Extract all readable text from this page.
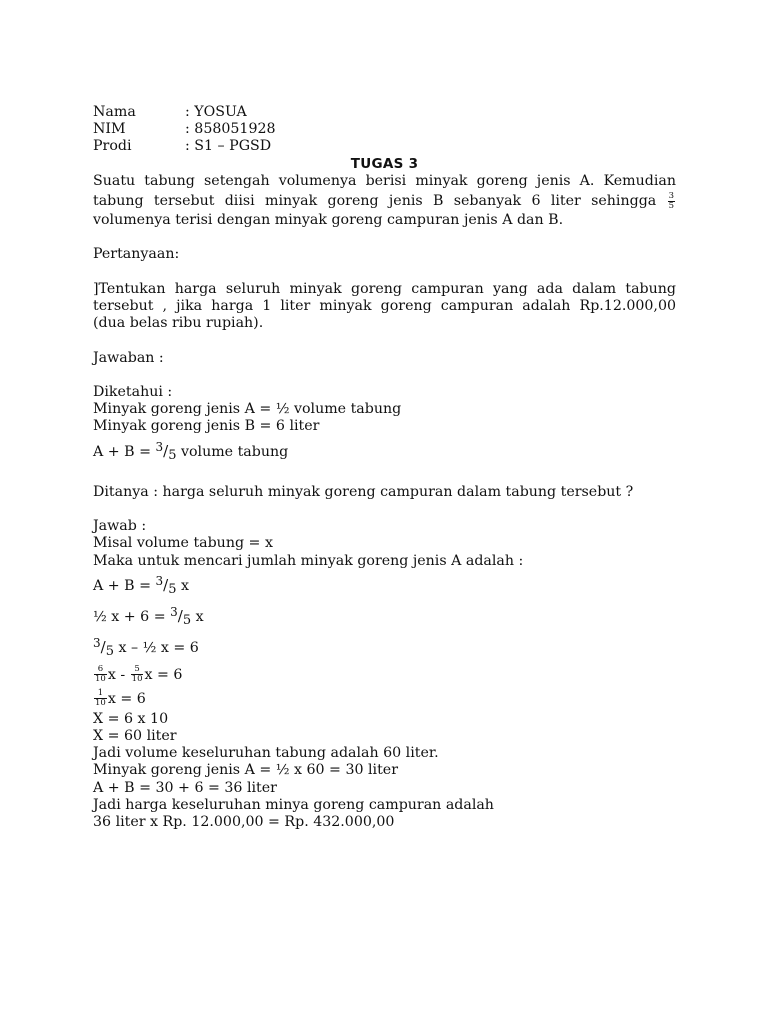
Nama	: YOSUA
NIM	: 858051928
Prodi	: S1 – PGSD
TUGAS 3
Suatu tabung setengah volumenya berisi minyak goreng jenis A. Kemudian
tabung tersebut diisi minyak goreng jenis B sebanyak 6 liter sehingga $\frac{3}{5}$
volumenya terisi dengan minyak goreng campuran jenis A dan B.
Pertanyaan:
]Tentukan harga seluruh minyak goreng campuran yang ada dalam tabung
tersebut , jika harga 1 liter minyak goreng campuran adalah Rp.12.000,00
(dua belas ribu rupiah).
Jawaban :
Diketahui :
Minyak goreng jenis A = ½ volume tabung
Minyak goreng jenis B = 6 liter
$A + B = ^3/_5$ volume tabung
Ditanya : harga seluruh minyak goreng campuran dalam tabung tersebut ?
Jawab :
Misal volume tabung = x
Maka untuk mencari jumlah minyak goreng jenis A adalah :
$A + B = ^3/_5$ x
½ $x + 6 = ^3/_5$ x
$^3/_5$ x – ½ x = 6
$\frac{6}{10}$ x - $\frac{5}{10}$ x = 6
$\frac{1}{10}$ x = 6
X = 6 x 10
X = 60 liter
Jadi volume keseluruhan tabung adalah 60 liter.
Minyak goreng jenis A = ½ x 60 = 30 liter
A + B = 30 + 6 = 36 liter
Jadi harga keseluruhan minya goreng campuran adalah
36 liter x Rp. 12.000,00 = Rp. 432.000,00
